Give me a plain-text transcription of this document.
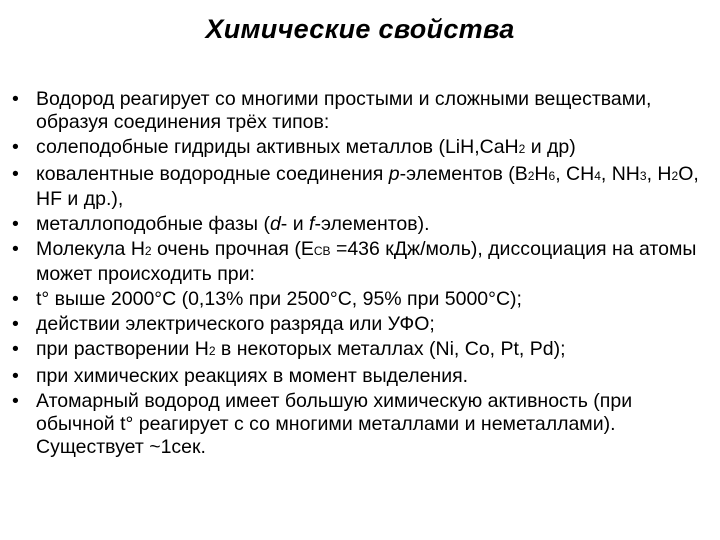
Химические свойства
• Водород реагирует со многими простыми и сложными веществами, образуя соединения трёх типов:
• солеподобные гидриды активных металлов (LiH,CaH2 и др)
• ковалентные водородные соединения p-элементов (B2H6, CH4, NH3, H2O, HF и др.),
• металлоподобные фазы (d- и f-элементов).
• Молекула H2 очень прочная (EСВ =436 кДж/моль), диссоциация на атомы может происходить при:
• t° выше 2000°С (0,13% при 2500°С, 95% при 5000°С);
• действии электрического разряда или УФО;
• при растворении H2 в некоторых металлах (Ni, Co, Pt, Pd);
• при химических реакциях в момент выделения.
• Атомарный водород имеет большую химическую активность (при обычной t° реагирует с со многими металлами и неметаллами). Существует ~1сек.
